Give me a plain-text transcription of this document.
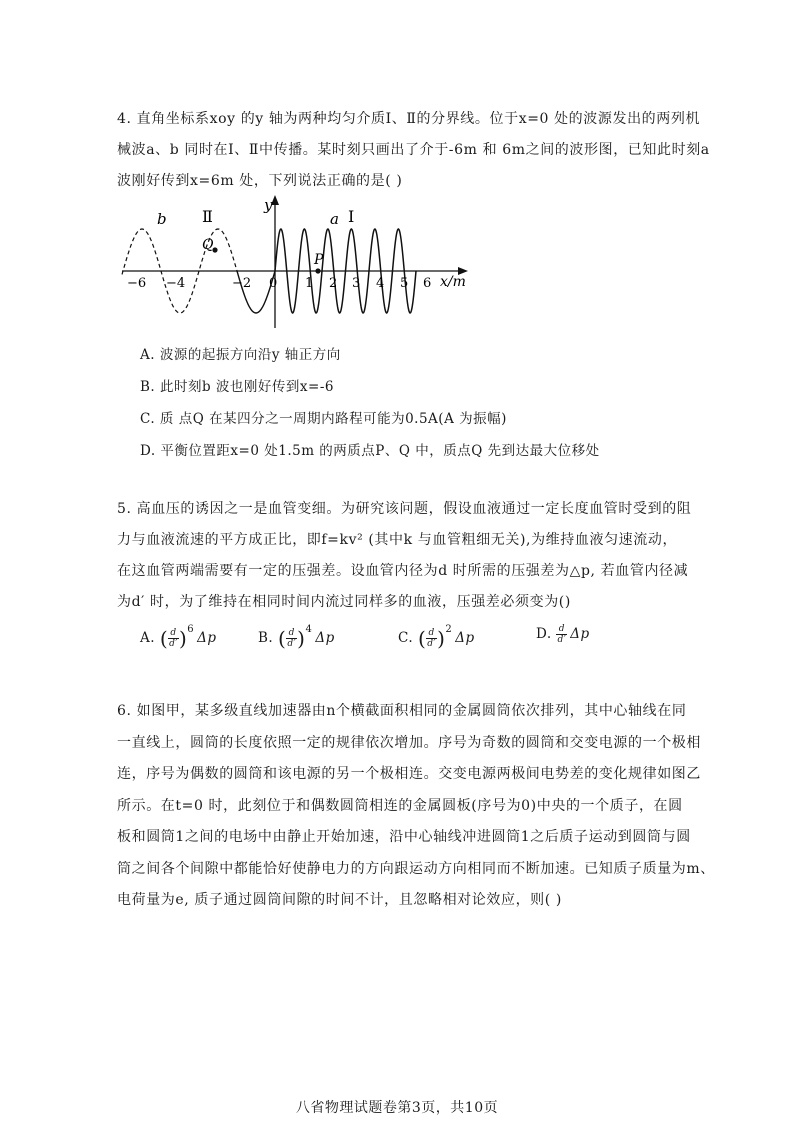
4. 直角坐标系xoy 的y 轴为两种均匀介质Ⅰ、Ⅱ的分界线。位于x=0 处的波源发出的两列机
械波a、b 同时在Ⅰ、Ⅱ中传播。某时刻只画出了介于-6m 和 6m之间的波形图，已知此时刻a
波刚好传到x=6m 处，下列说法正确的是( )
y
x/m
b Ⅱ	a Ⅰ
Q
P
−6 −4	−2 0 1 2 3 4 5 6
A. 波源的起振方向沿y 轴正方向
B. 此时刻b 波也刚好传到x=-6
C. 质 点Q 在某四分之一周期内路程可能为0.5A(A 为振幅)
D. 平衡位置距x=0 处1.5m 的两质点P、Q 中，质点Q 先到达最大位移处
5. 高血压的诱因之一是血管变细。为研究该问题，假设血液通过一定长度血管时受到的阻
力与血液流速的平方成正比，即f=kv² (其中k 与血管粗细无关),为维持血液匀速流动，
在这血管两端需要有一定的压强差。设血管内径为d 时所需的压强差为△p, 若血管内径减
为d′ 时，为了维持在相同时间内流过同样多的血液，压强差必须变为()
A. ( $\frac{d}{d'} )^6\Delta p$	B. ( $\frac{d}{d'} )^4\Delta p$	C. ( $\frac{d}{d'} )^2\Delta p$	D. $\frac{d}{d'}$ Δp
6. 如图甲，某多级直线加速器由n个横截面积相同的金属圆筒依次排列，其中心轴线在同
一直线上，圆筒的长度依照一定的规律依次增加。序号为奇数的圆筒和交变电源的一个极相
连，序号为偶数的圆筒和该电源的另一个极相连。交变电源两极间电势差的变化规律如图乙
所示。在t=0 时，此刻位于和偶数圆筒相连的金属圆板(序号为0)中央的一个质子，在圆
板和圆筒1之间的电场中由静止开始加速，沿中心轴线冲进圆筒1之后质子运动到圆筒与圆
筒之间各个间隙中都能恰好使静电力的方向跟运动方向相同而不断加速。已知质子质量为m、
电荷量为e, 质子通过圆筒间隙的时间不计，且忽略相对论效应，则( )
八省物理试题卷第3页，共10页
